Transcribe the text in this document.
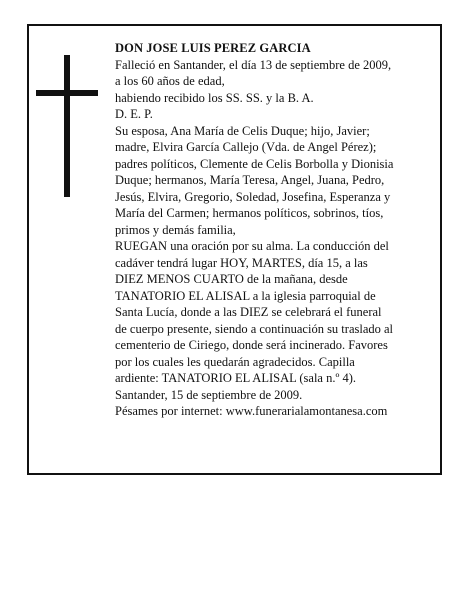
DON JOSE LUIS PEREZ GARCIA

Falleció en Santander, el día 13 de septiembre de 2009,

a los 60 años de edad,

habiendo recibido los SS. SS. y la B. A.

D. E. P.

Su esposa, Ana María de Celis Duque; hijo, Javier;

madre, Elvira García Callejo (Vda. de Angel Pérez);

padres políticos, Clemente de Celis Borbolla y Dionisia

Duque; hermanos, María Teresa, Angel, Juana, Pedro,

Jesús, Elvira, Gregorio, Soledad, Josefina, Esperanza y

María del Carmen; hermanos políticos, sobrinos, tíos,

primos y demás familia,

RUEGAN una oración por su alma. La conducción del

cadáver tendrá lugar HOY, MARTES, día 15, a las

DIEZ MENOS CUARTO de la mañana, desde

TANATORIO EL ALISAL a la iglesia parroquial de

Santa Lucía, donde a las DIEZ se celebrará el funeral

de cuerpo presente, siendo a continuación su traslado al

cementerio de Ciriego, donde será incinerado. Favores

por los cuales les quedarán agradecidos. Capilla

ardiente: TANATORIO EL ALISAL (sala n.º 4).

Santander, 15 de septiembre de 2009.

Pésames por internet: www.funerarialamontanesa.com
